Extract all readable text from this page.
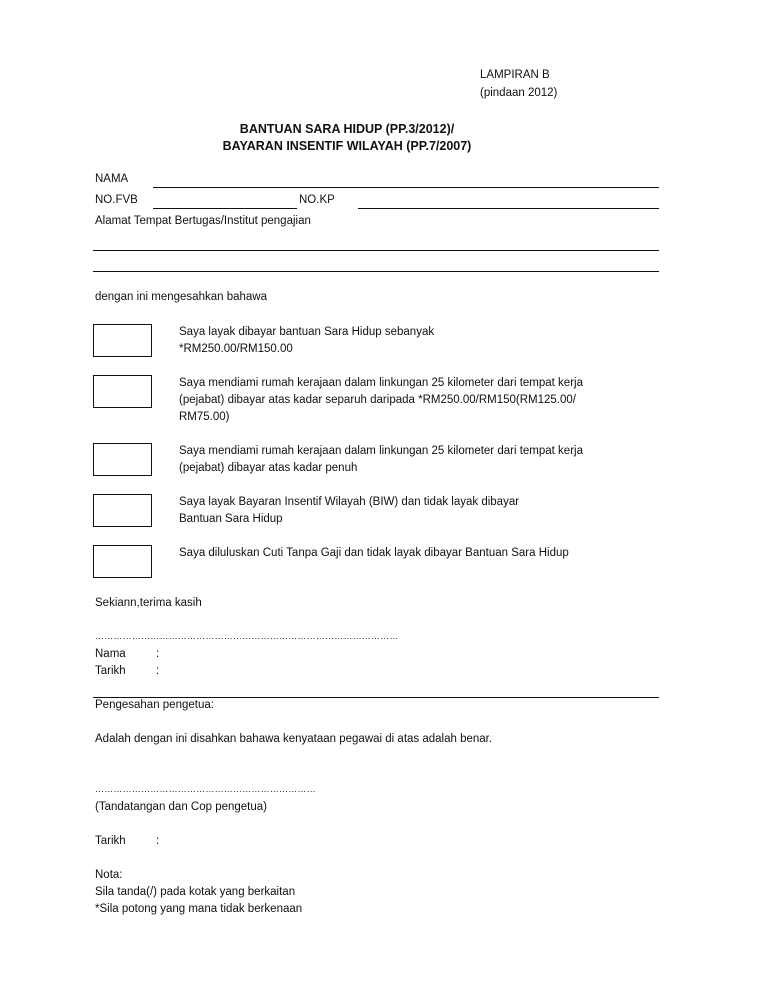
LAMPIRAN B
(pindaan 2012)
BANTUAN SARA HIDUP (PP.3/2012)/
BAYARAN INSENTIF WILAYAH (PP.7/2007)
NAMA
NO.FVB	NO.KP
Alamat Tempat Bertugas/Institut pengajian
dengan ini mengesahkan bahawa
Saya layak dibayar bantuan Sara Hidup sebanyak
*RM250.00/RM150.00
Saya mendiami rumah kerajaan dalam linkungan 25 kilometer dari tempat kerja
(pejabat) dibayar atas kadar separuh daripada *RM250.00/RM150(RM125.00/
RM75.00)
Saya mendiami rumah kerajaan dalam linkungan 25 kilometer dari tempat kerja
(pejabat) dibayar atas kadar penuh
Saya layak Bayaran Insentif Wilayah (BIW) dan tidak layak dibayar
Bantuan Sara Hidup
Saya diluluskan Cuti Tanpa Gaji dan tidak layak dibayar Bantuan Sara Hidup
Sekiann,terima kasih
………………………………………………………………………………………
Nama	:
Tarikh	:
Pengesahan pengetua:
Adalah dengan ini disahkan bahawa kenyataan pegawai di atas adalah benar.
………………………………………………………………
(Tandatangan dan Cop pengetua)
Tarikh	:
Nota:
Sila tanda(/) pada kotak yang berkaitan
*Sila potong yang mana tidak berkenaan
